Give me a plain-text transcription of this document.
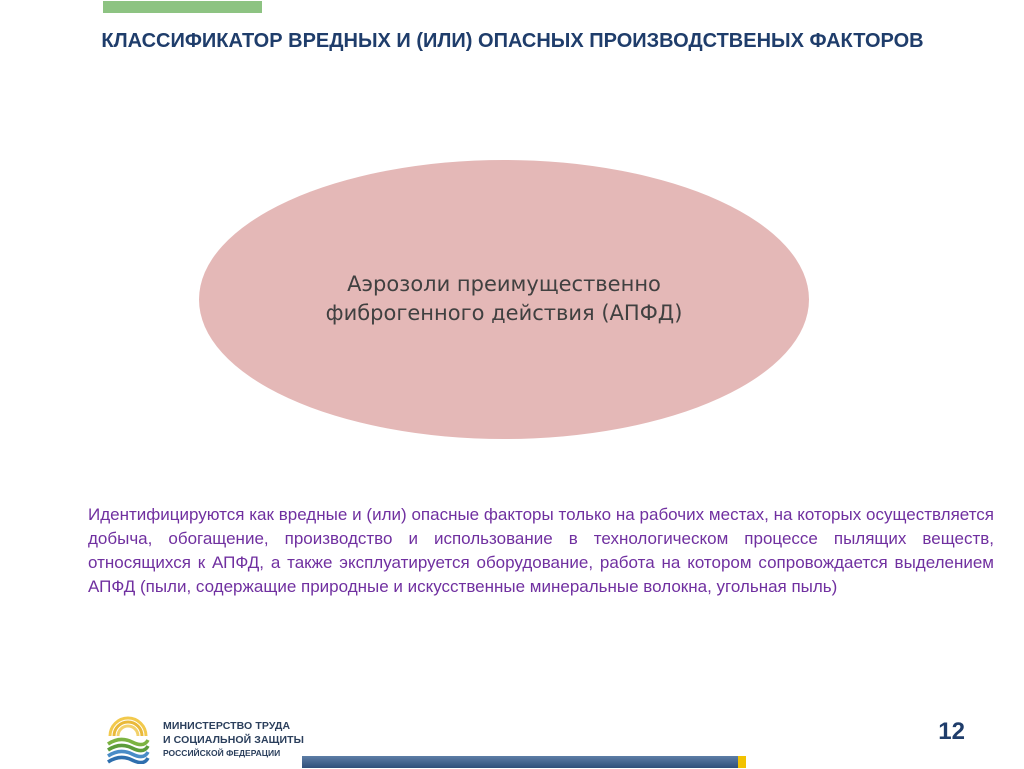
КЛАССИФИКАТОР ВРЕДНЫХ И (ИЛИ) ОПАСНЫХ ПРОИЗВОДСТВЕНЫХ ФАКТОРОВ
Аэрозоли преимущественно фиброгенного действия (АПФД)
Идентифицируются как вредные и (или) опасные факторы только на рабочих местах, на которых осуществляется добыча, обогащение, производство и использование в технологическом процессе пылящих веществ, относящихся к АПФД, а также эксплуатируется оборудование, работа на котором сопровождается выделением АПФД (пыли, содержащие природные и искусственные минеральные волокна, угольная пыль)
МИНИСТЕРСТВО ТРУДА
И СОЦИАЛЬНОЙ ЗАЩИТЫ
РОССИЙСКОЙ ФЕДЕРАЦИИ
12
